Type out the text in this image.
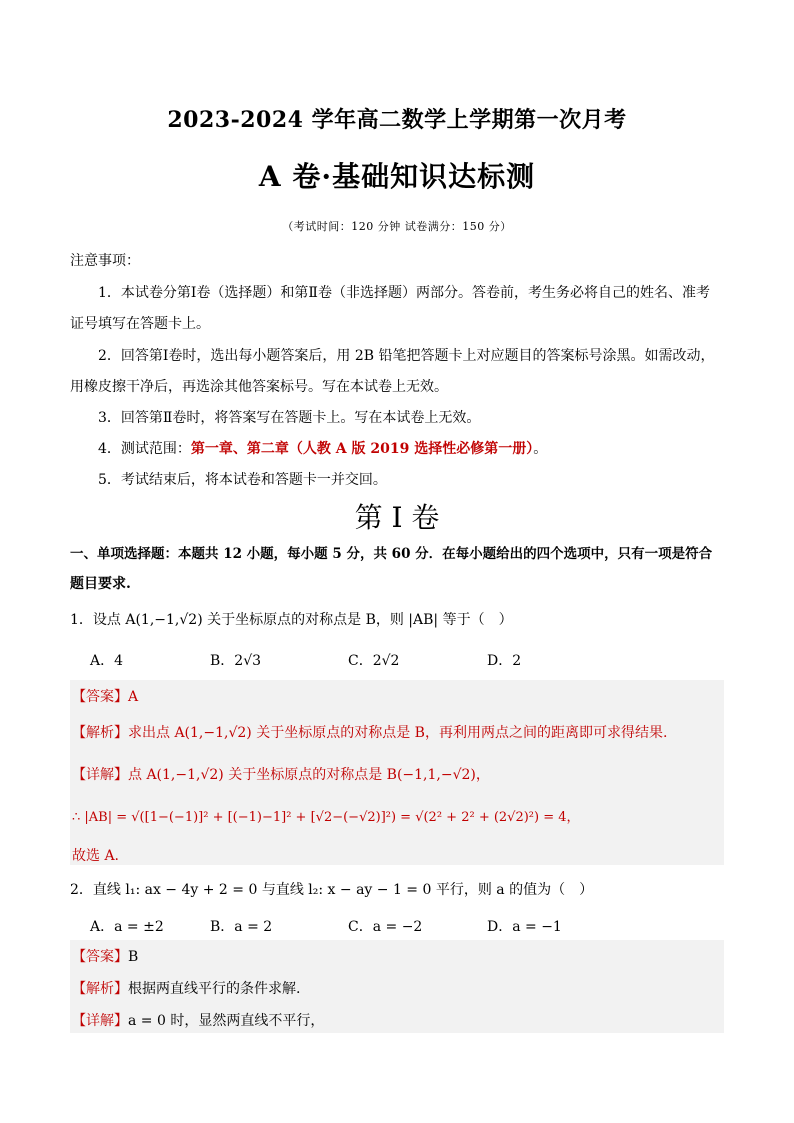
2023-2024 学年高二数学上学期第一次月考
A 卷·基础知识达标测
（考试时间：120 分钟 试卷满分：150 分）
注意事项：
1．本试卷分第Ⅰ卷（选择题）和第Ⅱ卷（非选择题）两部分。答卷前，考生务必将自己的姓名、准考
证号填写在答题卡上。
2．回答第Ⅰ卷时，选出每小题答案后，用 2B 铅笔把答题卡上对应题目的答案标号涂黑。如需改动，
用橡皮擦干净后，再选涂其他答案标号。写在本试卷上无效。
3．回答第Ⅱ卷时，将答案写在答题卡上。写在本试卷上无效。
4．测试范围：第一章、第二章（人教 A 版 2019 选择性必修第一册）。
5．考试结束后，将本试卷和答题卡一并交回。
第 I 卷
一、单项选择题：本题共 12 小题，每小题 5 分，共 60 分．在每小题给出的四个选项中，只有一项是符合
题目要求.
1．设点 A(1,−1,√2) 关于坐标原点的对称点是 B，则 |AB| 等于（　）
A．4	B．2√3	C．2√2	D．2
【答案】A
【解析】求出点 A(1,−1,√2) 关于坐标原点的对称点是 B，再利用两点之间的距离即可求得结果.
【详解】点 A(1,−1,√2) 关于坐标原点的对称点是 B(−1,1,−√2)，
∴ |AB| = √([1−(−1)]² + [(−1)−1]² + [√2−(−√2)]²) = √(2² + 2² + (2√2)²) = 4，
故选 A.
2．直线 l₁: ax − 4y + 2 = 0 与直线 l₂: x − ay − 1 = 0 平行，则 a 的值为（　）
A．a = ±2	B．a = 2	C．a = −2	D．a = −1
【答案】B
【解析】根据两直线平行的条件求解.
【详解】a = 0 时，显然两直线不平行，
